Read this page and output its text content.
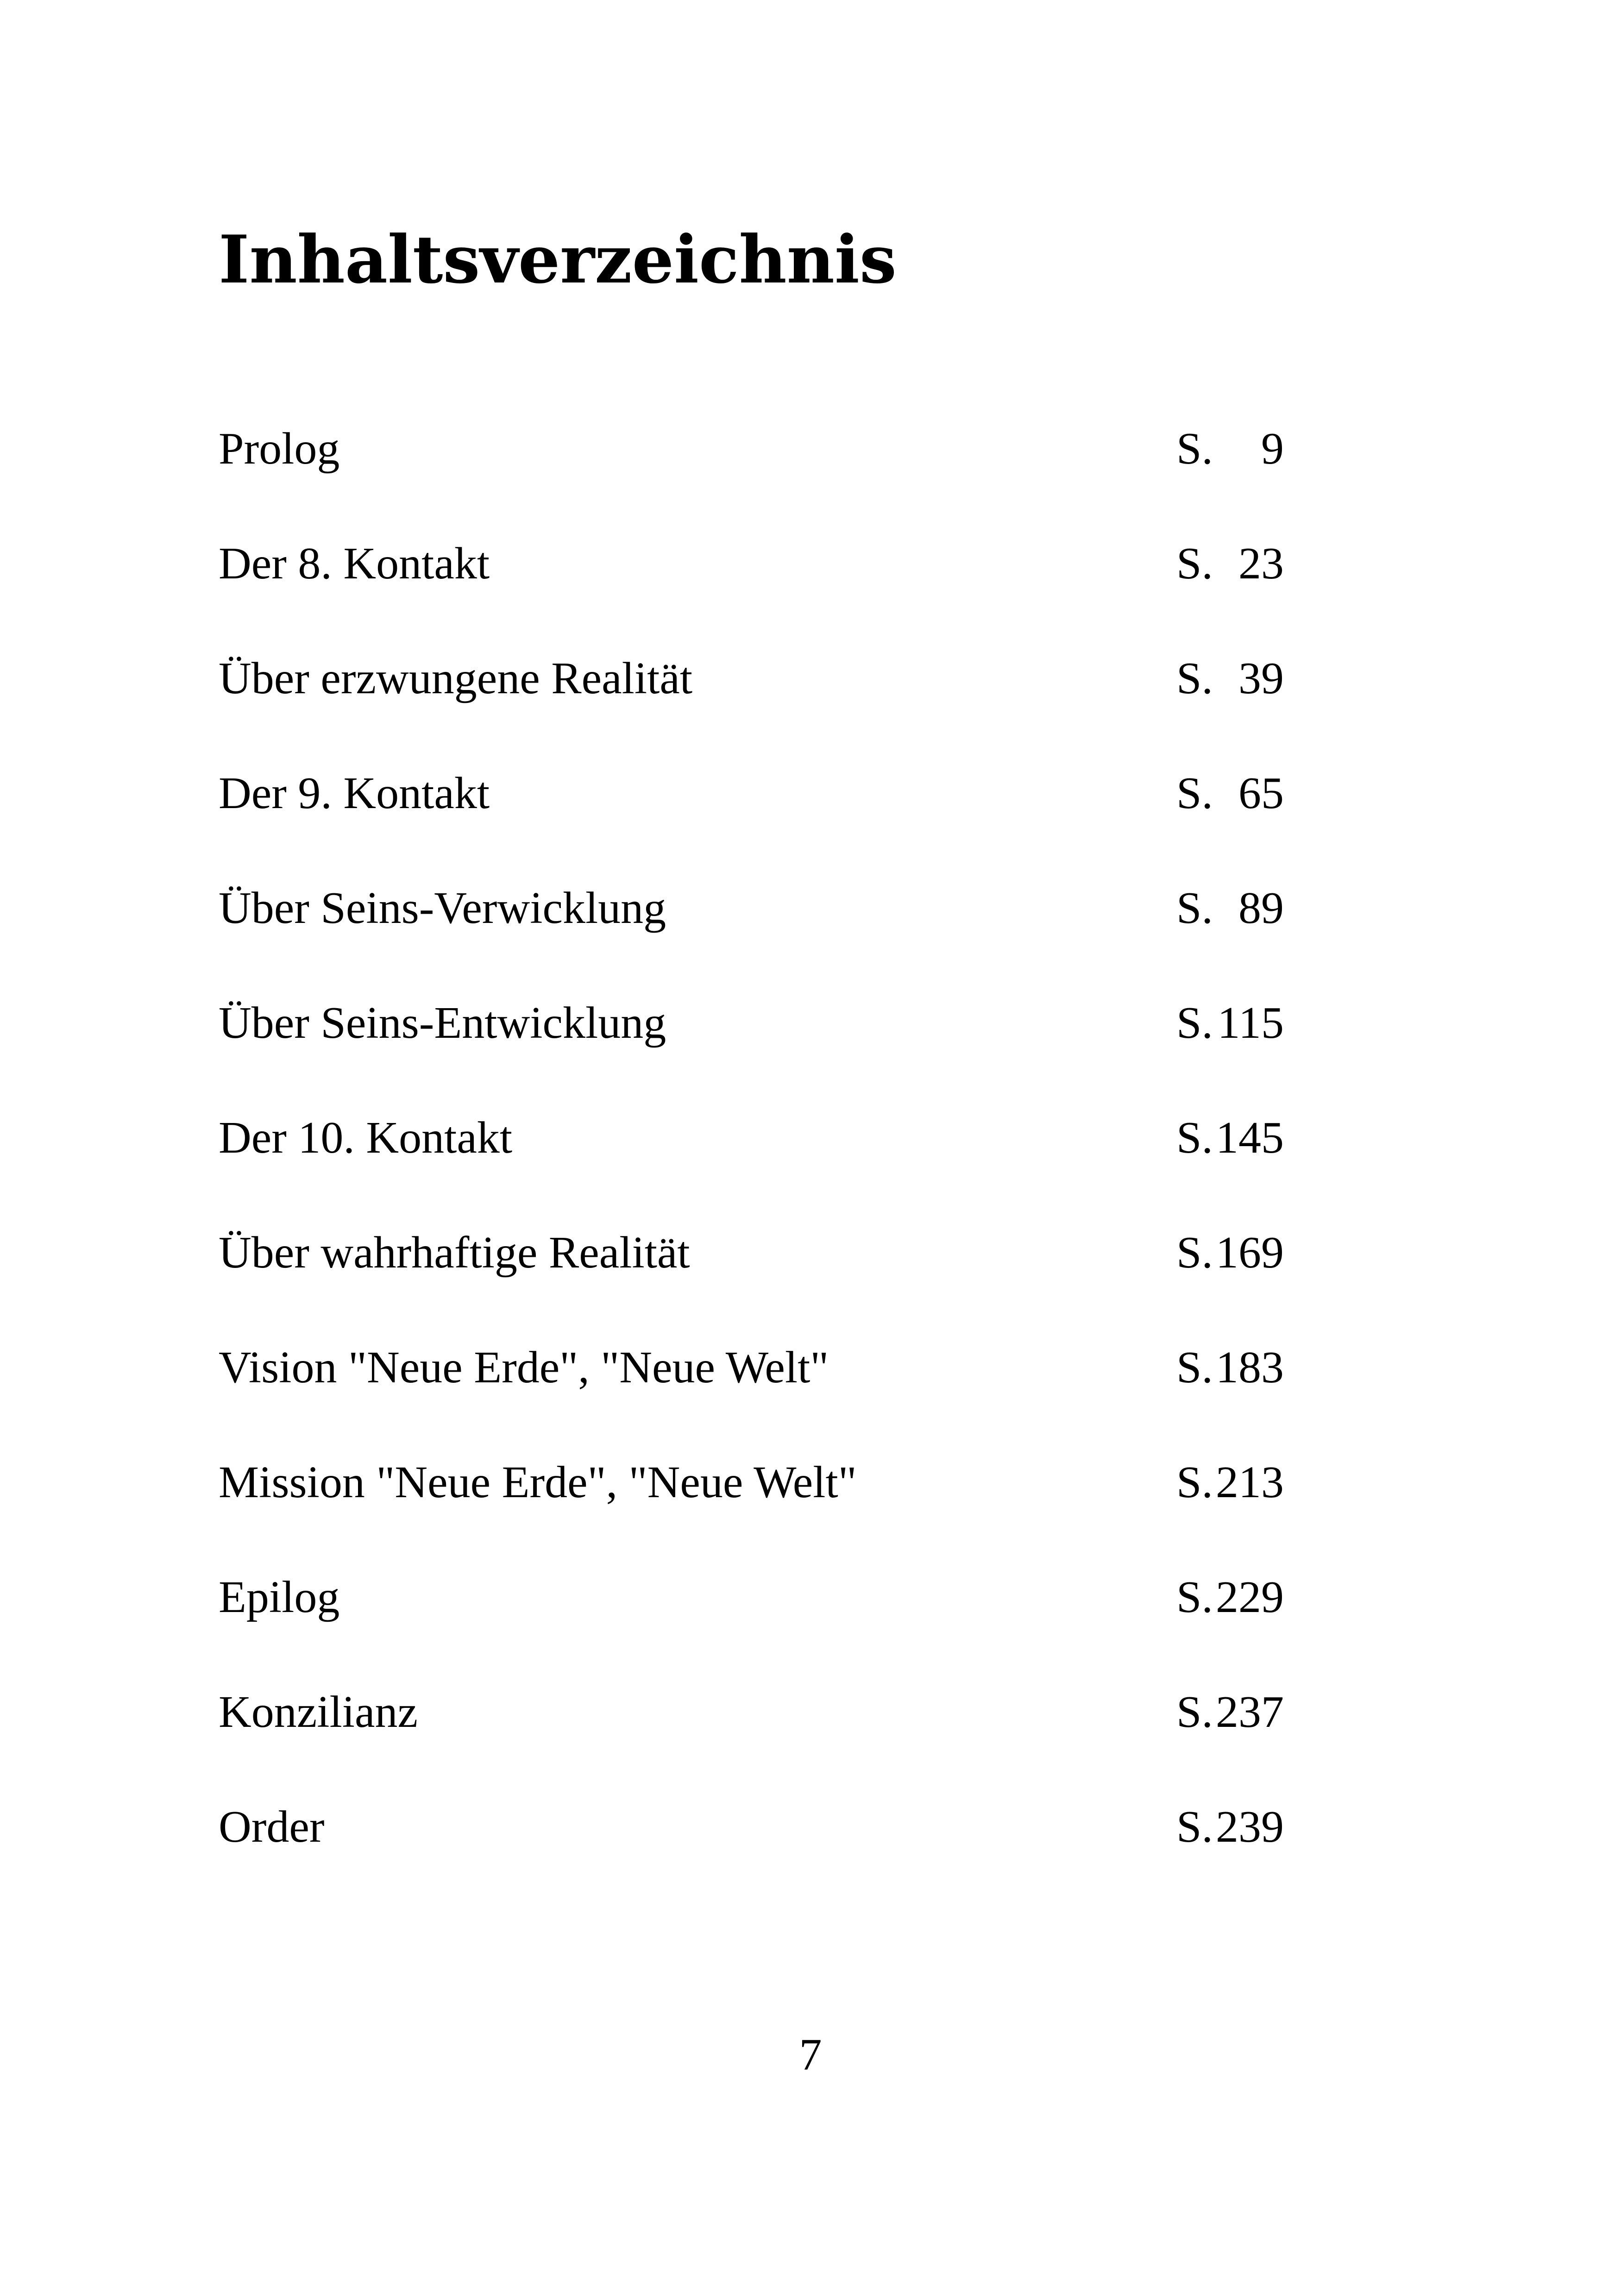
Inhaltsverzeichnis
Prolog	S. 9
Der 8. Kontakt	S. 23
Über erzwungene Realität	S. 39
Der 9. Kontakt	S. 65
Über Seins-Verwicklung	S. 89
Über Seins-Entwicklung	S. 115
Der 10. Kontakt	S. 145
Über wahrhaftige Realität	S. 169
Vision "Neue Erde", "Neue Welt"	S. 183
Mission "Neue Erde", "Neue Welt"	S. 213
Epilog	S. 229
Konzilianz	S. 237
Order	S. 239
7
